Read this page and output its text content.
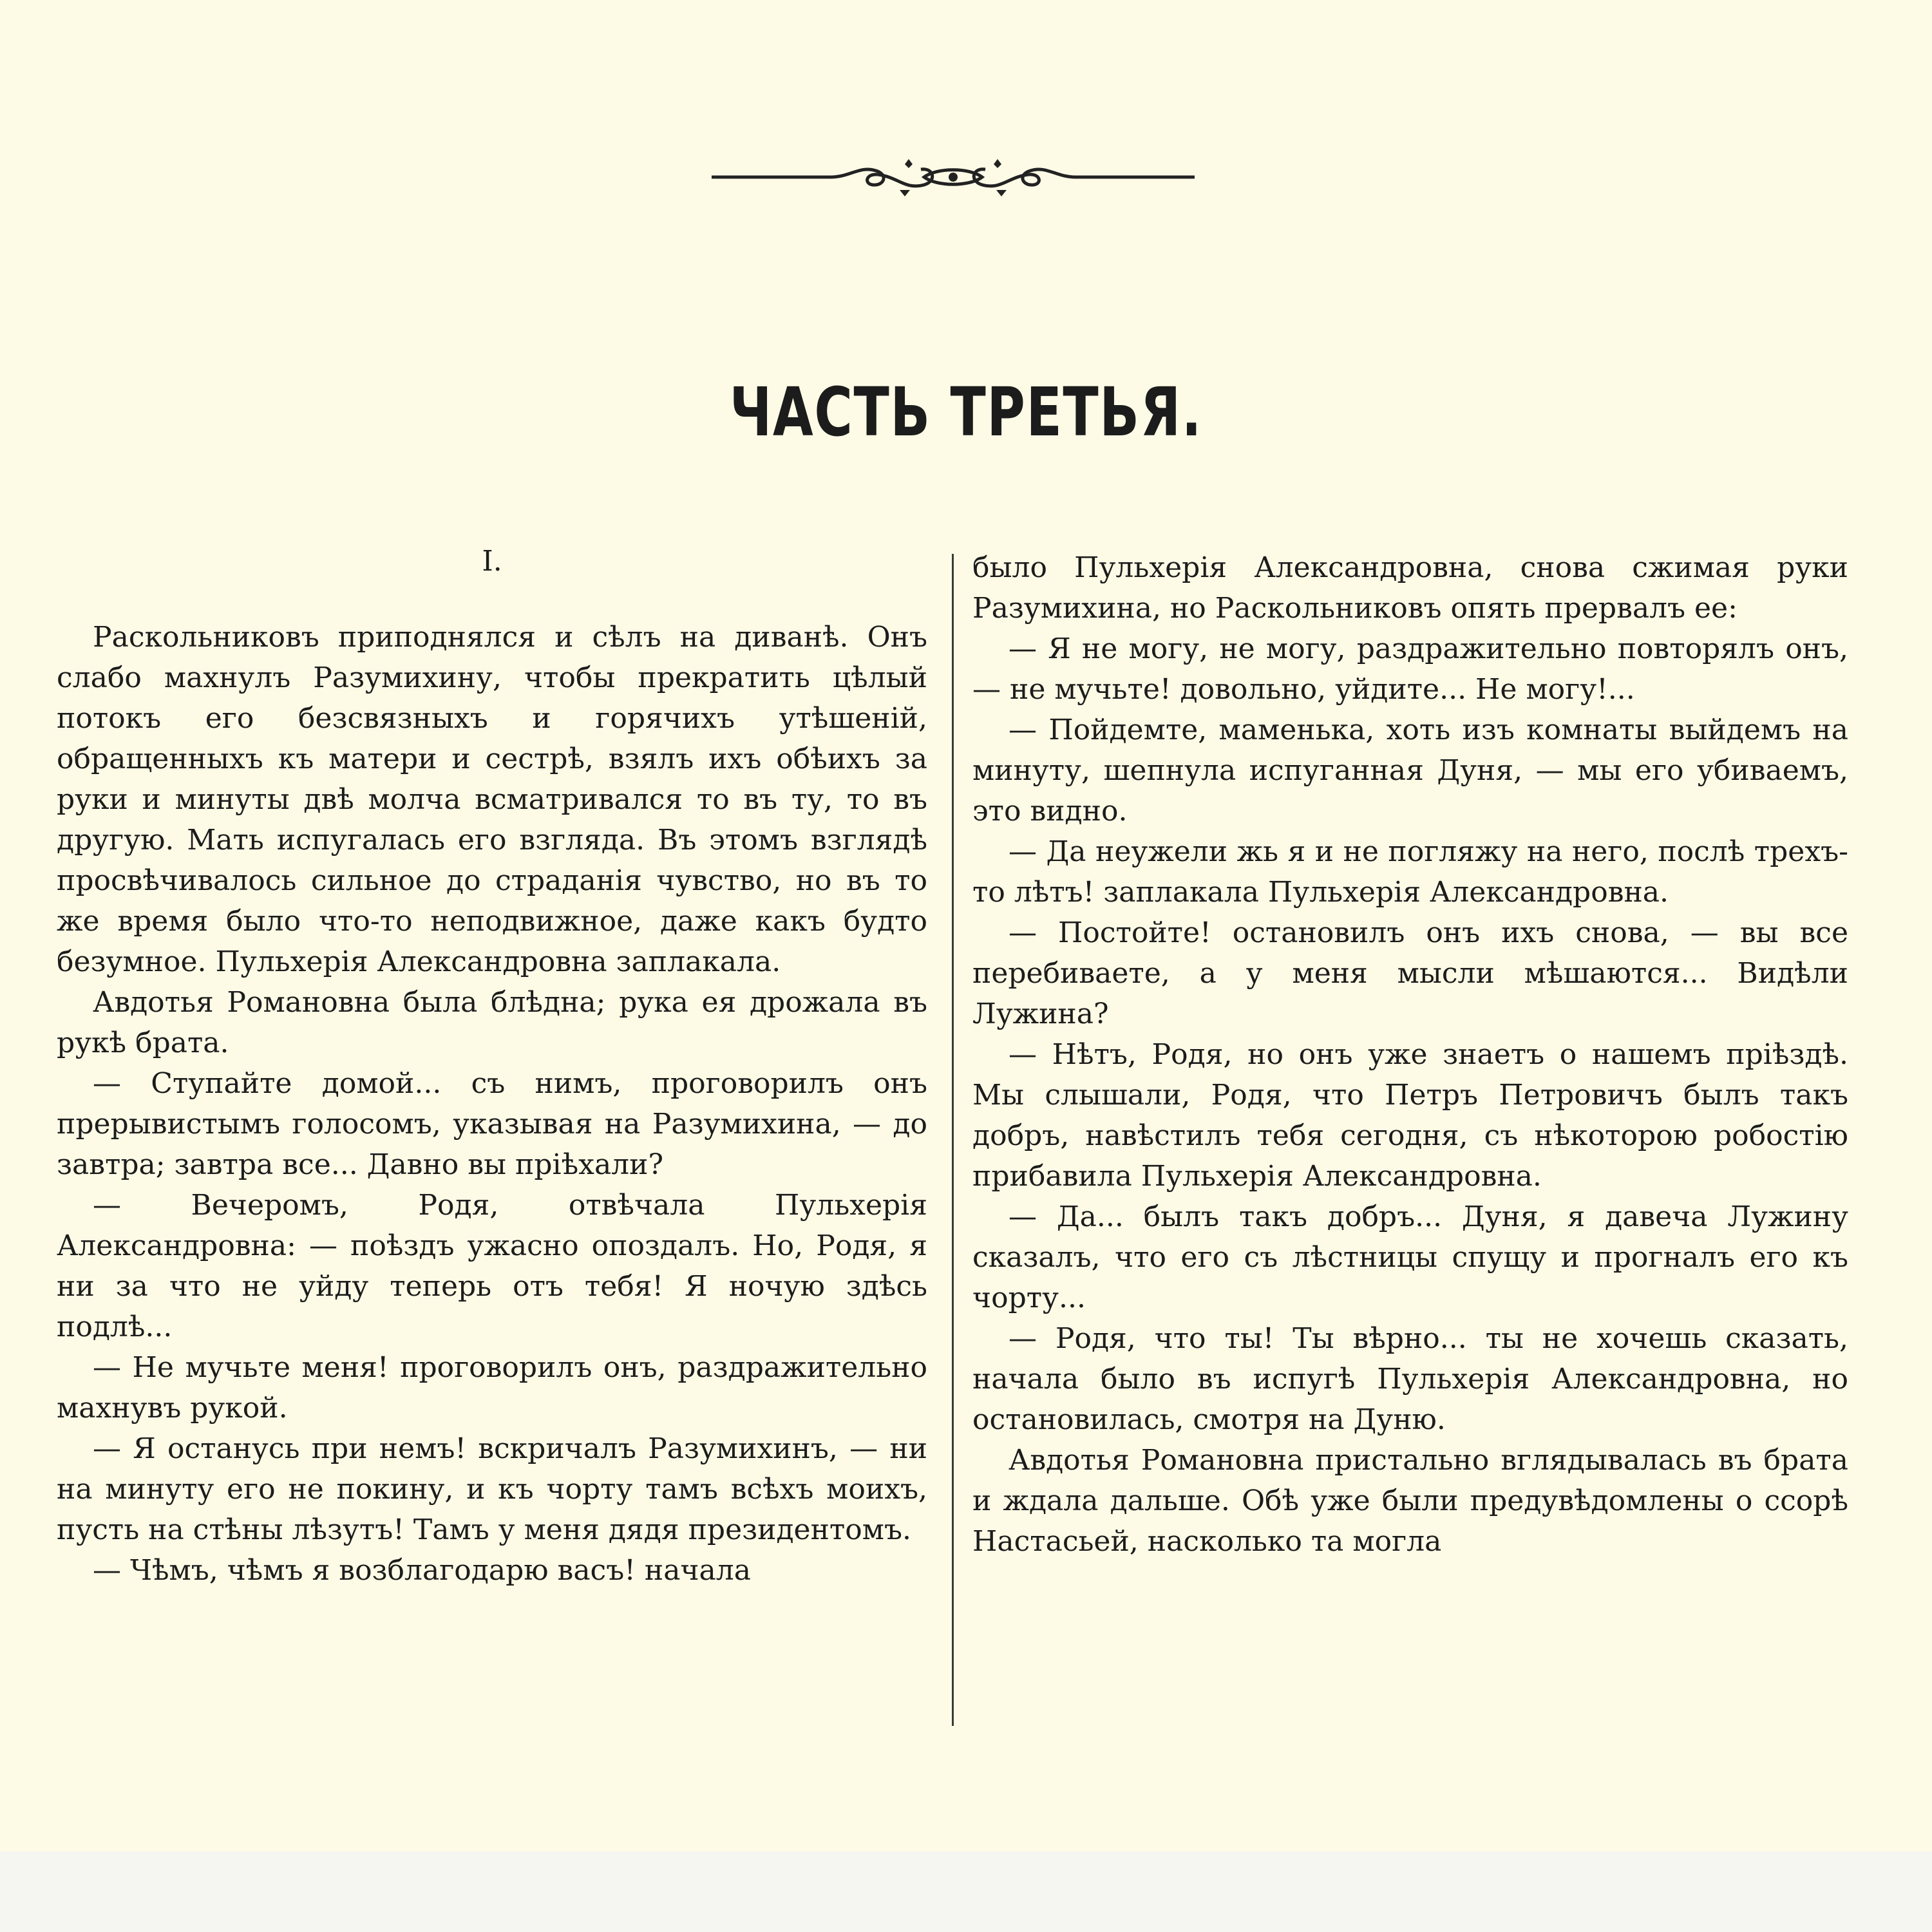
ЧАСТЬ ТРЕТЬЯ.
I.

Раскольниковъ приподнялся и сѣлъ на диванѣ. Онъ слабо махнулъ Разумихину, чтобы прекратить цѣлый потокъ его безсвязныхъ и горячихъ утѣшеній, обращенныхъ къ матери и сестрѣ, взялъ ихъ обѣихъ за руки и минуты двѣ молча всматривался то въ ту, то въ другую. Мать испугалась его взгляда. Въ этомъ взглядѣ просвѣчивалось сильное до страданія чувство, но въ то же время было что-то неподвижное, даже какъ будто безумное. Пульхерія Александровна заплакала.

Авдотья Романовна была блѣдна; рука ея дрожала въ рукѣ брата.

— Ступайте домой... съ нимъ, проговорилъ онъ прерывистымъ голосомъ, указывая на Разумихина, — до завтра; завтра все... Давно вы пріѣхали?

— Вечеромъ, Родя, отвѣчала Пульхерія Александровна: — поѣздъ ужасно опоздалъ. Но, Родя, я ни за что не уйду теперь отъ тебя! Я ночую здѣсь подлѣ...

— Не мучьте меня! проговорилъ онъ, раздражительно махнувъ рукой.

— Я останусь при немъ! вскричалъ Разумихинъ, — ни на минуту его не покину, и къ чорту тамъ всѣхъ моихъ, пусть на стѣны лѣзутъ! Тамъ у меня дядя президентомъ.

— Чѣмъ, чѣмъ я возблагодарю васъ! начала

было Пульхерія Александровна, снова сжимая руки Разумихина, но Раскольниковъ опять прервалъ ее:

— Я не могу, не могу, раздражительно повторялъ онъ, — не мучьте! довольно, уйдите... Не могу!...

— Пойдемте, маменька, хоть изъ комнаты выйдемъ на минуту, шепнула испуганная Дуня, — мы его убиваемъ, это видно.

— Да неужели жь я и не погляжу на него, послѣ трехъ-то лѣтъ! заплакала Пульхерія Александровна.

— Постойте! остановилъ онъ ихъ снова, — вы все перебиваете, а у меня мысли мѣшаются... Видѣли Лужина?

— Нѣтъ, Родя, но онъ уже знаетъ о нашемъ пріѣздѣ. Мы слышали, Родя, что Петръ Петровичъ былъ такъ добръ, навѣстилъ тебя сегодня, съ нѣкоторою робостію прибавила Пульхерія Александровна.

— Да... былъ такъ добръ... Дуня, я давеча Лужину сказалъ, что его съ лѣстницы спущу и прогналъ его къ чорту...

— Родя, что ты! Ты вѣрно... ты не хочешь сказать, начала было въ испугѣ Пульхерія Александровна, но остановилась, смотря на Дуню.

Авдотья Романовна пристально вглядывалась въ брата и ждала дальше. Обѣ уже были предувѣдомлены о ссорѣ Настасьей, насколько та могла
